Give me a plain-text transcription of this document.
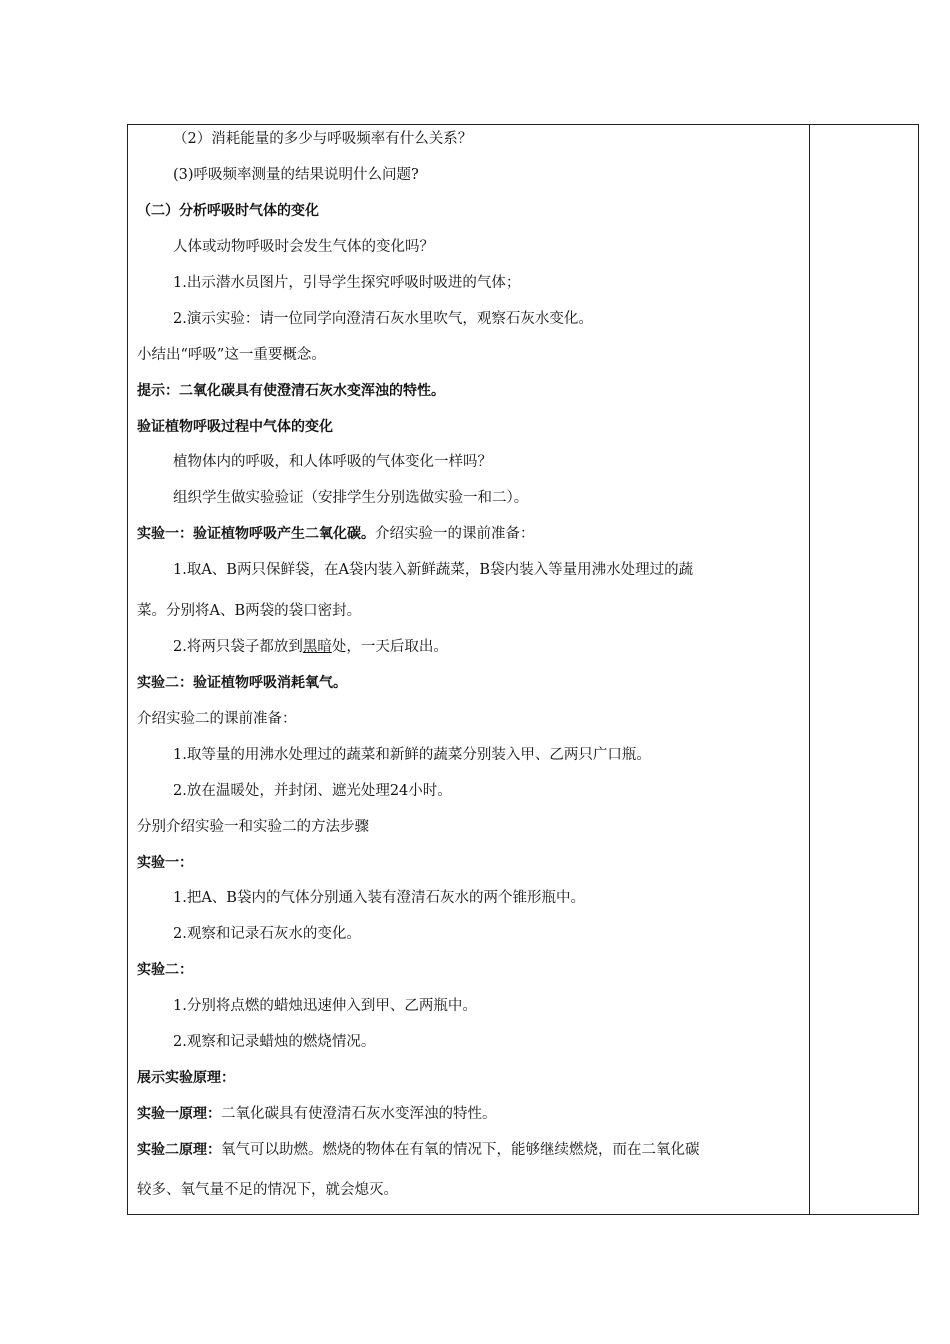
（2）消耗能量的多少与呼吸频率有什么关系？
(3)呼吸频率测量的结果说明什么问题?
（二）分析呼吸时气体的变化
人体或动物呼吸时会发生气体的变化吗？
1.出示潜水员图片，引导学生探究呼吸时吸进的气体；
2.演示实验：请一位同学向澄清石灰水里吹气，观察石灰水变化。
小结出“呼吸”这一重要概念。
提示：二氧化碳具有使澄清石灰水变浑浊的特性。
验证植物呼吸过程中气体的变化
植物体内的呼吸，和人体呼吸的气体变化一样吗？
组织学生做实验验证（安排学生分别选做实验一和二）。
实验一：验证植物呼吸产生二氧化碳。介绍实验一的课前准备：
1.取A、B两只保鲜袋，在A袋内装入新鲜蔬菜，B袋内装入等量用沸水处理过的蔬
菜。分别将A、B两袋的袋口密封。
2.将两只袋子都放到黑暗处，一天后取出。
实验二：验证植物呼吸消耗氧气。
介绍实验二的课前准备：
1.取等量的用沸水处理过的蔬菜和新鲜的蔬菜分别装入甲、乙两只广口瓶。
2.放在温暖处，并封闭、遮光处理24小时。
分别介绍实验一和实验二的方法步骤
实验一：
1.把A、B袋内的气体分别通入装有澄清石灰水的两个锥形瓶中。
2.观察和记录石灰水的变化。
实验二：
1.分别将点燃的蜡烛迅速伸入到甲、乙两瓶中。
2.观察和记录蜡烛的燃烧情况。
展示实验原理：
实验一原理：二氧化碳具有使澄清石灰水变浑浊的特性。
实验二原理：氧气可以助燃。燃烧的物体在有氧的情况下，能够继续燃烧，而在二氧化碳
较多、氧气量不足的情况下，就会熄灭。
